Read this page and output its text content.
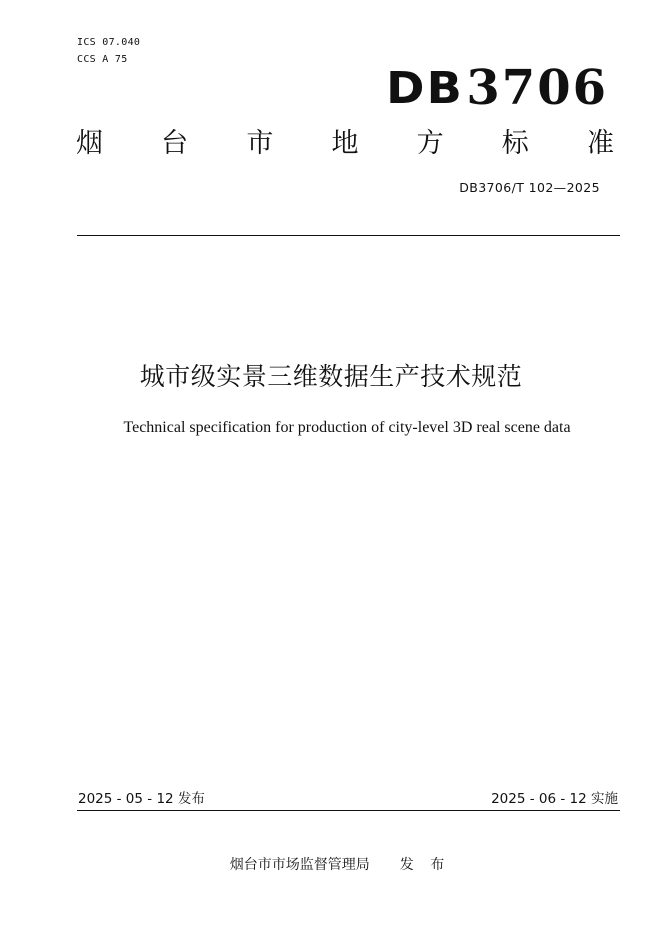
ICS 07.040
CCS A 75
DB 3706
烟 台 市 地 方 标 准
DB3706/T 102—2025
城市级实景三维数据生产技术规范
Technical specification for production of city-level 3D real scene data
2025 - 05 - 12 发布	2025 - 06 - 12 实施
烟台市市场监督管理局 发 布
